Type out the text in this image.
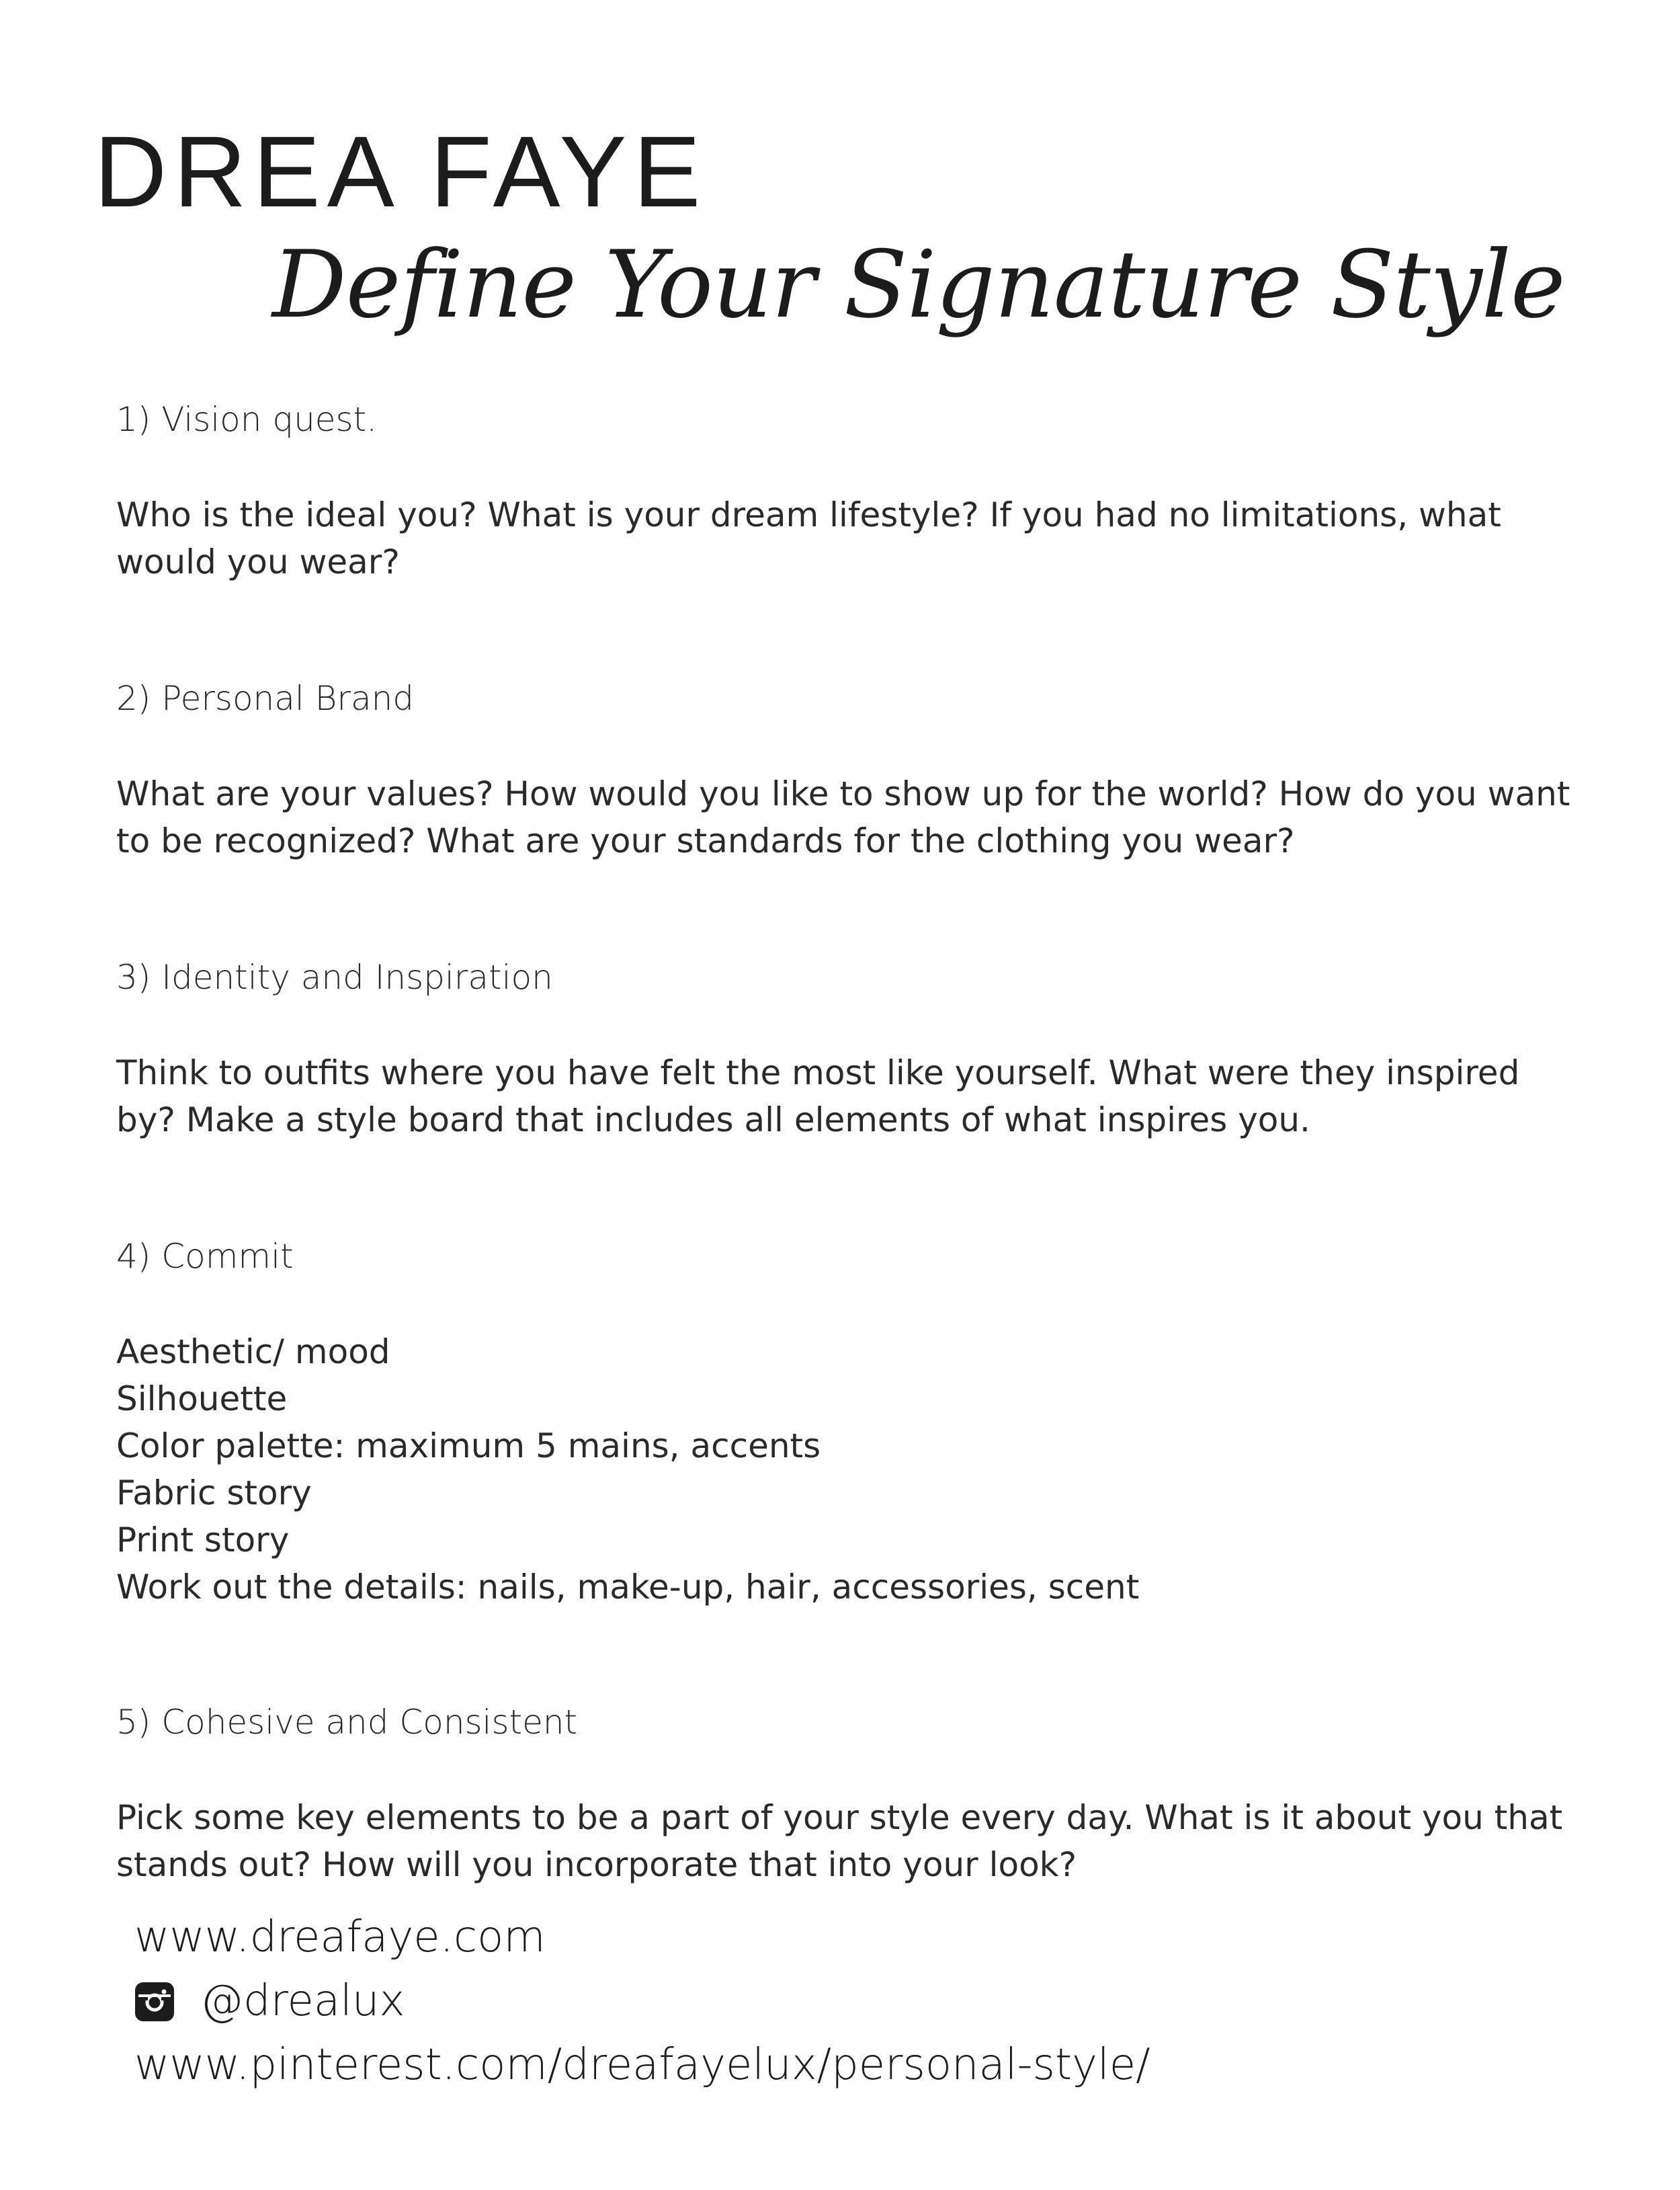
DREA FAYE
Define Your Signature Style

1) Vision quest.

Who is the ideal you? What is your dream lifestyle? If you had no limitations, what would you wear?

2) Personal Brand

What are your values? How would you like to show up for the world? How do you want to be recognized? What are your standards for the clothing you wear?

3) Identity and Inspiration

Think to outfits where you have felt the most like yourself. What were they inspired by? Make a style board that includes all elements of what inspires you.

4) Commit

Aesthetic/ mood
Silhouette
Color palette: maximum 5 mains, accents
Fabric story
Print story
Work out the details: nails, make-up, hair, accessories, scent

5) Cohesive and Consistent

Pick some key elements to be a part of your style every day. What is it about you that stands out? How will you incorporate that into your look?

www.dreafaye.com
@drealux
www.pinterest.com/dreafayelux/personal-style/
